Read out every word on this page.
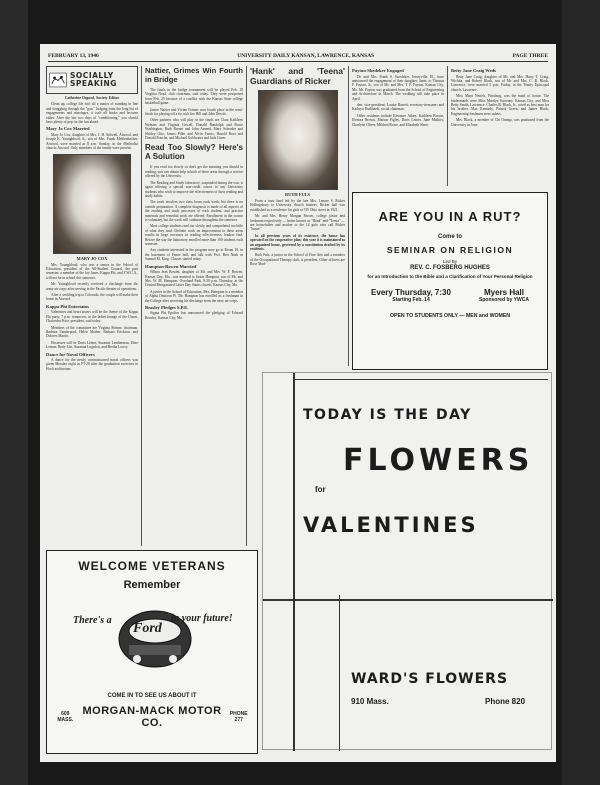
FEBRUARY 13, 1946	UNIVERSITY DAILY KANSAN, LAWRENCE, KANSAS	PAGE THREE
SOCIALLY SPEAKING
Catherine Osgood, Society Editor

Clean up, college life isn't all a matter of standing in line and struggling through the "gun." Judging from the long list of engagements and marriages, it isn't all books and lectures either. After the last two days of "conditioning," you should have plenty of pep for the fun ahead.

Mary Jo Cox Married

Mary Jo Cox, daughter of Mrs. J. H. Stilwell, Atwood, and Joseph K. Youngblood, Jr., son of Mrs. Frank Mehlenbacher, Atwood, were married at 8 a.m. Sunday, in the Methodist church, Atwood. Only members of the family were present.

MARY JO COX

Mrs. Youngblood, who was a senior in the School of Education, president of the All-Student Council, the past semester, a member of the Jay Janes, Kappa Phi, and Y.W.C.A., will not be in school this semester.

Mr. Youngblood recently received a discharge from the army air corps after serving in the Pacific theater of operations.

After a wedding trip to Colorado, the couple will make their home in Atwood.

Kappa Phi Entertains

Valentines and heart sisters will be the theme of the Kappa Phi party, 7 p.m. tomorrow, in the ladies lounge of the Union, Chalcedra Price, president, said today.

Members of the committee are Virginia Shimer, chairman, Barbara Vanderpool, Helen Mather, Barbara Erickson, and Dolores Martin.

Hostesses will be Doris Leiner, Suzanne Leatherman, Elsie Lemon, Betty List, Suzanna Logsdon, and Bertha Lowry.

Dance for Naval Officers

A dance for the newly commissioned naval officers was given Monday night in FT-20 after the graduation exercises in Hoch auditorium.

Nattier, Grimes Win Fourth in Bridge

The finals in the bridge tournament will be played Feb. 18 Virginia Nead, club chairman, said today. They were postponed from Feb. 25 because of a conflict with the Kansas State college basketball game.

Janice Nattier and Vivian Grimes won fourth place in the semi-finals for playing off a tie with Joe Hill and John Dewitt.

Other partners who will play in the finals are Clara Kathleen Webster and Virginia Cowell, Donald Randolph and Bruce Washington, Ruth Burnet and John Amend, Mary Schroder and Shirley Otto, James Pillet and Alvin Travis, Harold Root and Donald Fraiche, and Michael Goldwater and Jack Greer.

Read Too Slowly? Here's A Solution

If you read too slowly or don't get the meaning you should in reading, you can obtain help in both of these areas through a service offered by the University.

The Reading and Study laboratory, suspended during the war, is again offering a special non-credit course to any University students who wish to improve the effectiveness of their reading and study habits.

The work involves two class hours each week, but there is no outside preparation. A complete diagnosis is made of all aspects of the reading and study processes of each student, and practice materials and remedial work are offered. Enrollment in the course is voluntary, but the work will continue throughout the semester.

Most college students read too slowly and comprehend too little of what they read. Definite work on improvement in these areas results in large increases in reading effectiveness, leaders find. Before the war the laboratory enrolled more than 100 students each semester.

Any students interested in the program may go to Room 18, in the basement of Fraser hall, and talk with Prof. Bert Nash or Samuel M. King. Classes started today.

Hampton-Bowen Married

Wilma Jean Bowen, daughter of Mr. and Mrs. W. F. Bowen, Kansas City, Mo., was married to Justin Hampton, son of Mr. and Mrs. W. M. Hampton, Overland Park, 8:30 p.m. Thursday, at the Central Reorganized Latter Day Saints church, Kansas City, Mo.

A junior in the School of Education, Mrs. Hampton is a member of Alpha Omicron Pi. Mr. Hampton has enrolled as a freshman in the College after receiving his discharge from the navy air corps.

Beasley Pledges S.P.E.

Sigma Phi Epsilon has announced the pledging of Edward Beasley, Kansas City, Mo.

'Hank' and 'Teena' Guardians of Ricker
RUTH FULS

From a trust fund left by the late Mrs. Lenore S. Ricker Hollingsbury to University church trustees, Ricker hall was established as a residence for girls at 745 Ohio street in 1921.

Mr. and Mrs. Henry Morgan Brown, college junior and freshman respectively — better known as "Hank" and "Teena" — are housefather and mother to the 14 girls who call Ricker "home."

In all previous years of its existence, the house has operated on the cooperative plan; this year it is maintained as an organized house, governed by a constitution drafted by its residents.

Ruth Fuls, a junior in the School of Fine Arts and a member of the Occupational Therapy club, is president. Other officers are Rose Mad-

Payton-Shedeker Engaged

Dr. and Mrs. Frank S. Swedeker, Jerseyville, Ill., have announced the engagement of their daughter, Janet, to Thomas F. Payton, Jr., son of Mr. and Mrs. T. F. Payton, Kansas City, Mo. Mr. Payton was graduated from the School of Engineering and Architecture in March. The wedding will take place in April.

den, vice-president; Louise Barrett, secretary-treasurer; and Kathryn Burkhardt, social chairman.

Other residents include Eleanore Aiken, Kathleen Brown, Elenora Brown, Marion Figley, Doris Leiner, June Mallory, Charlyne Oliver, Mildred Rowe, and Elizabeth Shaw.

Betty Jane Craig Weds

Betty Jane Craig, daughter of Mr. and Mrs. Harry T. Craig, Wichita, and Robert Black, son of Mr. and Mrs. C. B. Black, Lawrence, were married 5 p.m. Friday, in the Trinity Episcopal church, Lawrence.

Miss Mimi Nettels, Pittsburg, was the maid of honor. The bridesmaids were Miss Marilyn Sweeney, Kansas City, and Miss Betty Smith, Lawrence. Charles B. Black, Jr., acted as best man for his brother. Max Kennedy, Patrick Green, and James Black, Engineering freshmen were ushers.

Mrs. Black, a member of Chi Omega, was graduated from the University in June.

ARE YOU IN A RUT?
Come to
SEMINAR ON RELIGION
Led By
REV. C. FOSBERG HUGHES
for an Introduction to the Bible and a Clarification of Your Personal Religion
Every Thursday, 7:30
Starting Feb. 14
Myers Hall
Sponsored by YWCA
OPEN TO STUDENTS ONLY — MEN and WOMEN
TODAY IS THE DAY
FLOWERS
for
VALENTINES
WARD'S FLOWERS
910 Mass.	Phone 820
WELCOME VETERANS
Remember
There's a
Ford
in your future!
COME IN TO SEE US ABOUT IT
609 MASS.
MORGAN-MACK MOTOR CO.
PHONE 277
